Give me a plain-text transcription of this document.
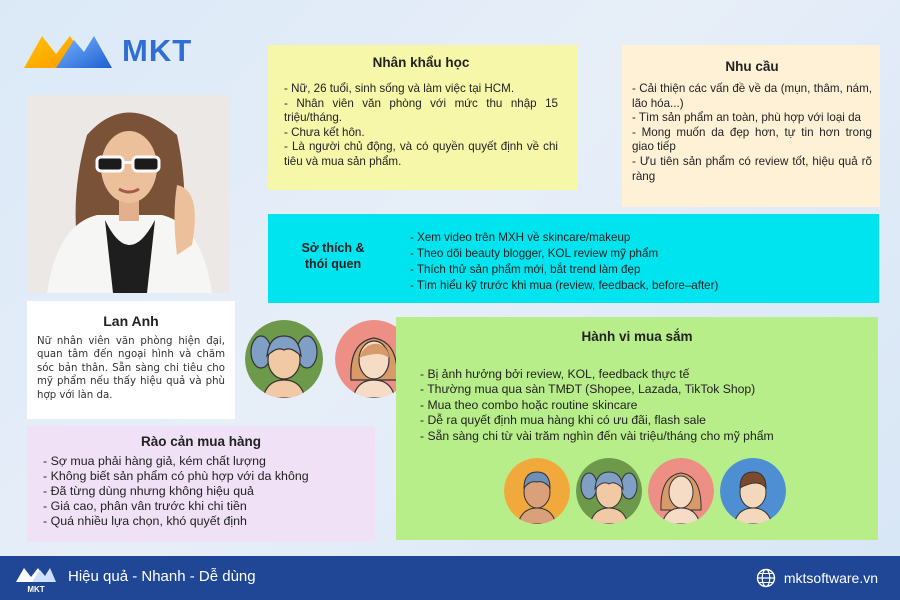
MKT
Lan Anh
Nữ nhân viên văn phòng hiện đại, quan tâm đến ngoại hình và chăm sóc bản thân. Sẵn sàng chi tiêu cho mỹ phẩm nếu thấy hiệu quả và phù hợp với làn da.
Nhân khẩu học
- Nữ, 26 tuổi, sinh sống và làm việc tại HCM.
- Nhân viên văn phòng với mức thu nhập 15 triệu/tháng.
- Chưa kết hôn.
- Là người chủ động, và có quyền quyết định về chi tiêu và mua sản phẩm.
Nhu cầu
- Cải thiện các vấn đề về da (mụn, thâm, nám, lão hóa...)
- Tìm sản phẩm an toàn, phù hợp với loại da
- Mong muốn da đẹp hơn, tự tin hơn trong giao tiếp
- Ưu tiên sản phẩm có review tốt, hiệu quả rõ ràng
Sở thích &
thói quen
- Xem video trên MXH về skincare/makeup
- Theo dõi beauty blogger, KOL review mỹ phẩm
- Thích thử sản phẩm mới, bắt trend làm đẹp
- Tìm hiểu kỹ trước khi mua (review, feedback, before–after)
Hành vi mua sắm
- Bị ảnh hưởng bởi review, KOL, feedback thực tế
- Thường mua qua sàn TMĐT (Shopee, Lazada, TikTok Shop)
- Mua theo combo hoặc routine skincare
- Dễ ra quyết định mua hàng khi có ưu đãi, flash sale
- Sẵn sàng chi từ vài trăm nghìn đến vài triệu/tháng cho mỹ phẩm
Rào cản mua hàng
- Sợ mua phải hàng giả, kém chất lượng
- Không biết sản phẩm có phù hợp với da không
- Đã từng dùng nhưng không hiệu quả
- Giá cao, phân vân trước khi chi tiền
- Quá nhiều lựa chọn, khó quyết định
MKT
Hiệu quả - Nhanh - Dễ dùng	mktsoftware.vn
